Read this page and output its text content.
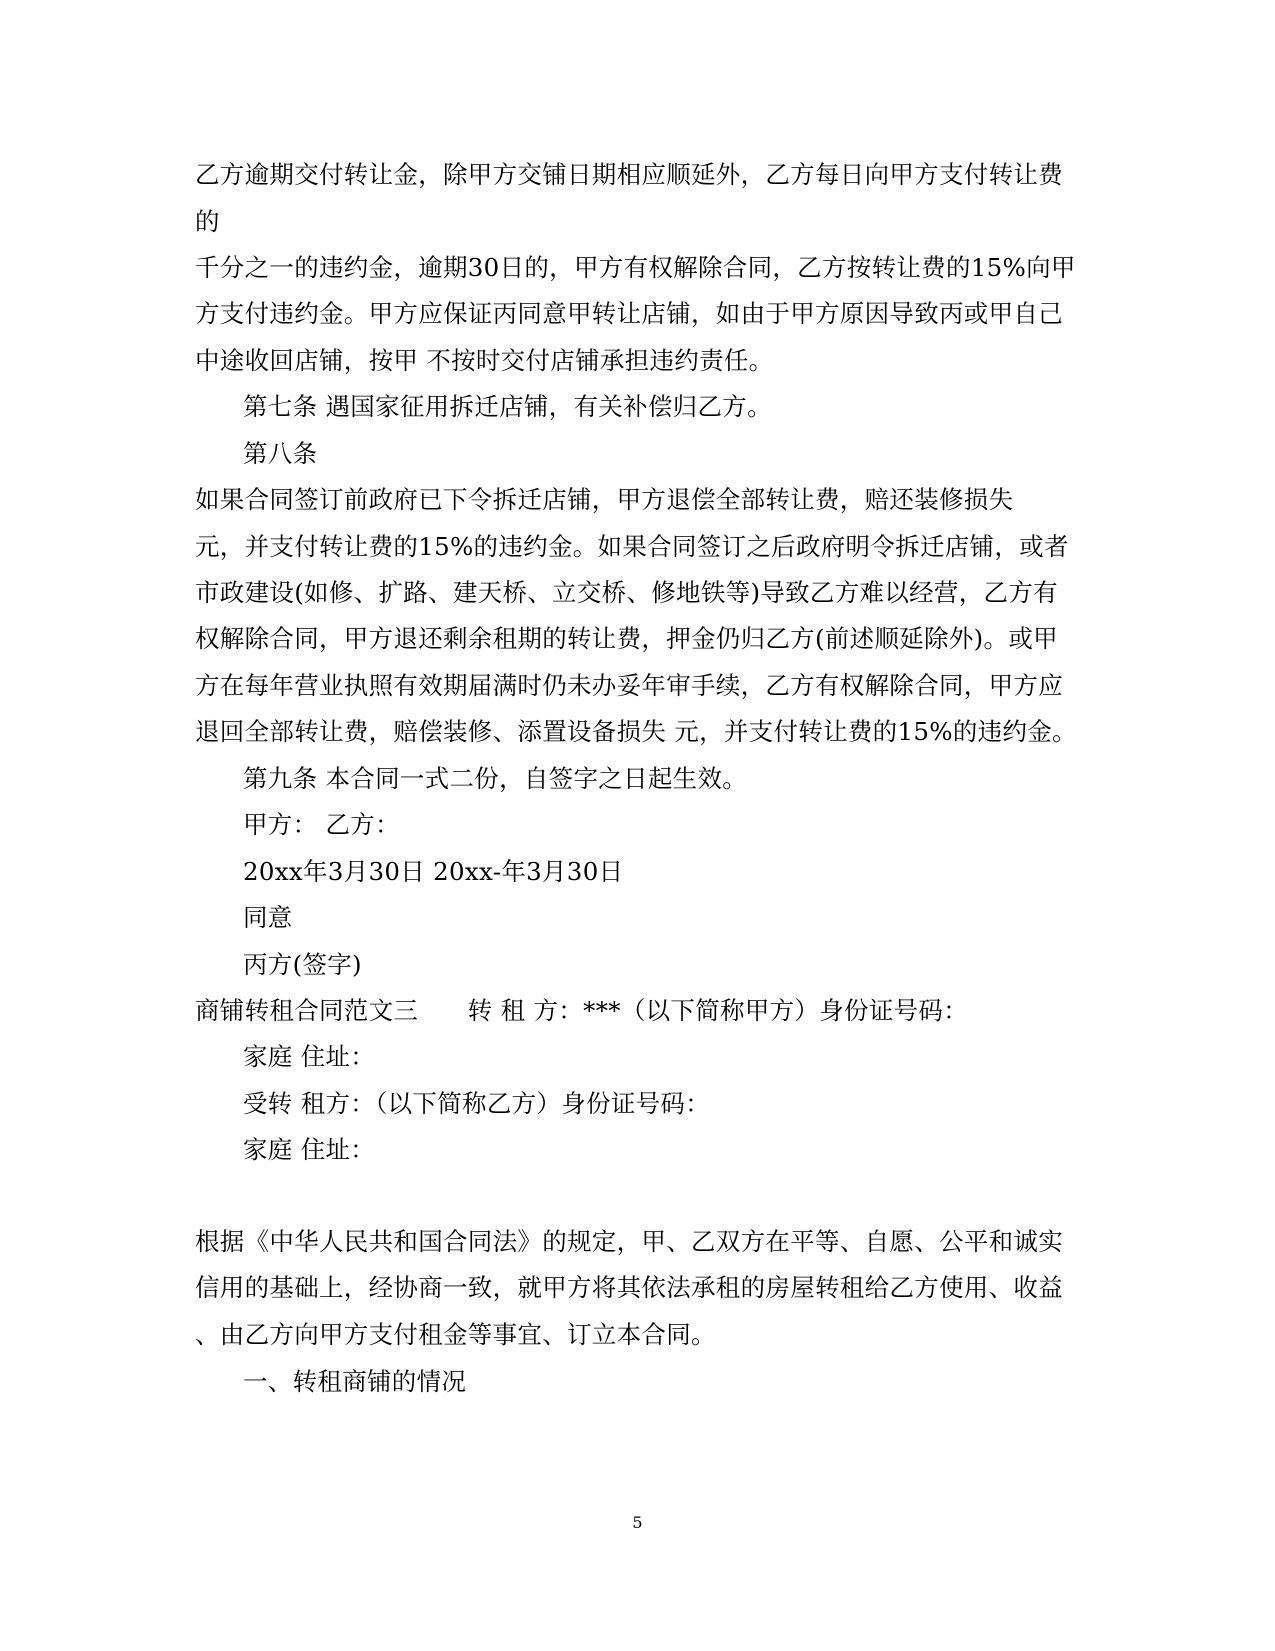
乙方逾期交付转让金，除甲方交铺日期相应顺延外，乙方每日向甲方支付转让费
的
千分之一的违约金，逾期30日的，甲方有权解除合同，乙方按转让费的15%向甲
方支付违约金。甲方应保证丙同意甲转让店铺，如由于甲方原因导致丙或甲自己
中途收回店铺，按甲 不按时交付店铺承担违约责任。
第七条 遇国家征用拆迁店铺，有关补偿归乙方。
第八条
如果合同签订前政府已下令拆迁店铺，甲方退偿全部转让费，赔还装修损失
元，并支付转让费的15%的违约金。如果合同签订之后政府明令拆迁店铺，或者
市政建设(如修、扩路、建天桥、立交桥、修地铁等)导致乙方难以经营，乙方有
权解除合同，甲方退还剩余租期的转让费，押金仍归乙方(前述顺延除外)。或甲
方在每年营业执照有效期届满时仍未办妥年审手续，乙方有权解除合同，甲方应
退回全部转让费，赔偿装修、添置设备损失 元，并支付转让费的15%的违约金。
第九条 本合同一式二份，自签字之日起生效。
甲方： 乙方：
20xx年3月30日 20xx-年3月30日
同意
丙方(签字)
商铺转租合同范文三　　转 租 方：***（以下简称甲方）身份证号码：
家庭 住址：
受转 租方：（以下简称乙方）身份证号码：
家庭 住址：
根据《中华人民共和国合同法》的规定，甲、乙双方在平等、自愿、公平和诚实
信用的基础上，经协商一致，就甲方将其依法承租的房屋转租给乙方使用、收益
、由乙方向甲方支付租金等事宜、订立本合同。
一、转租商铺的情况
5
